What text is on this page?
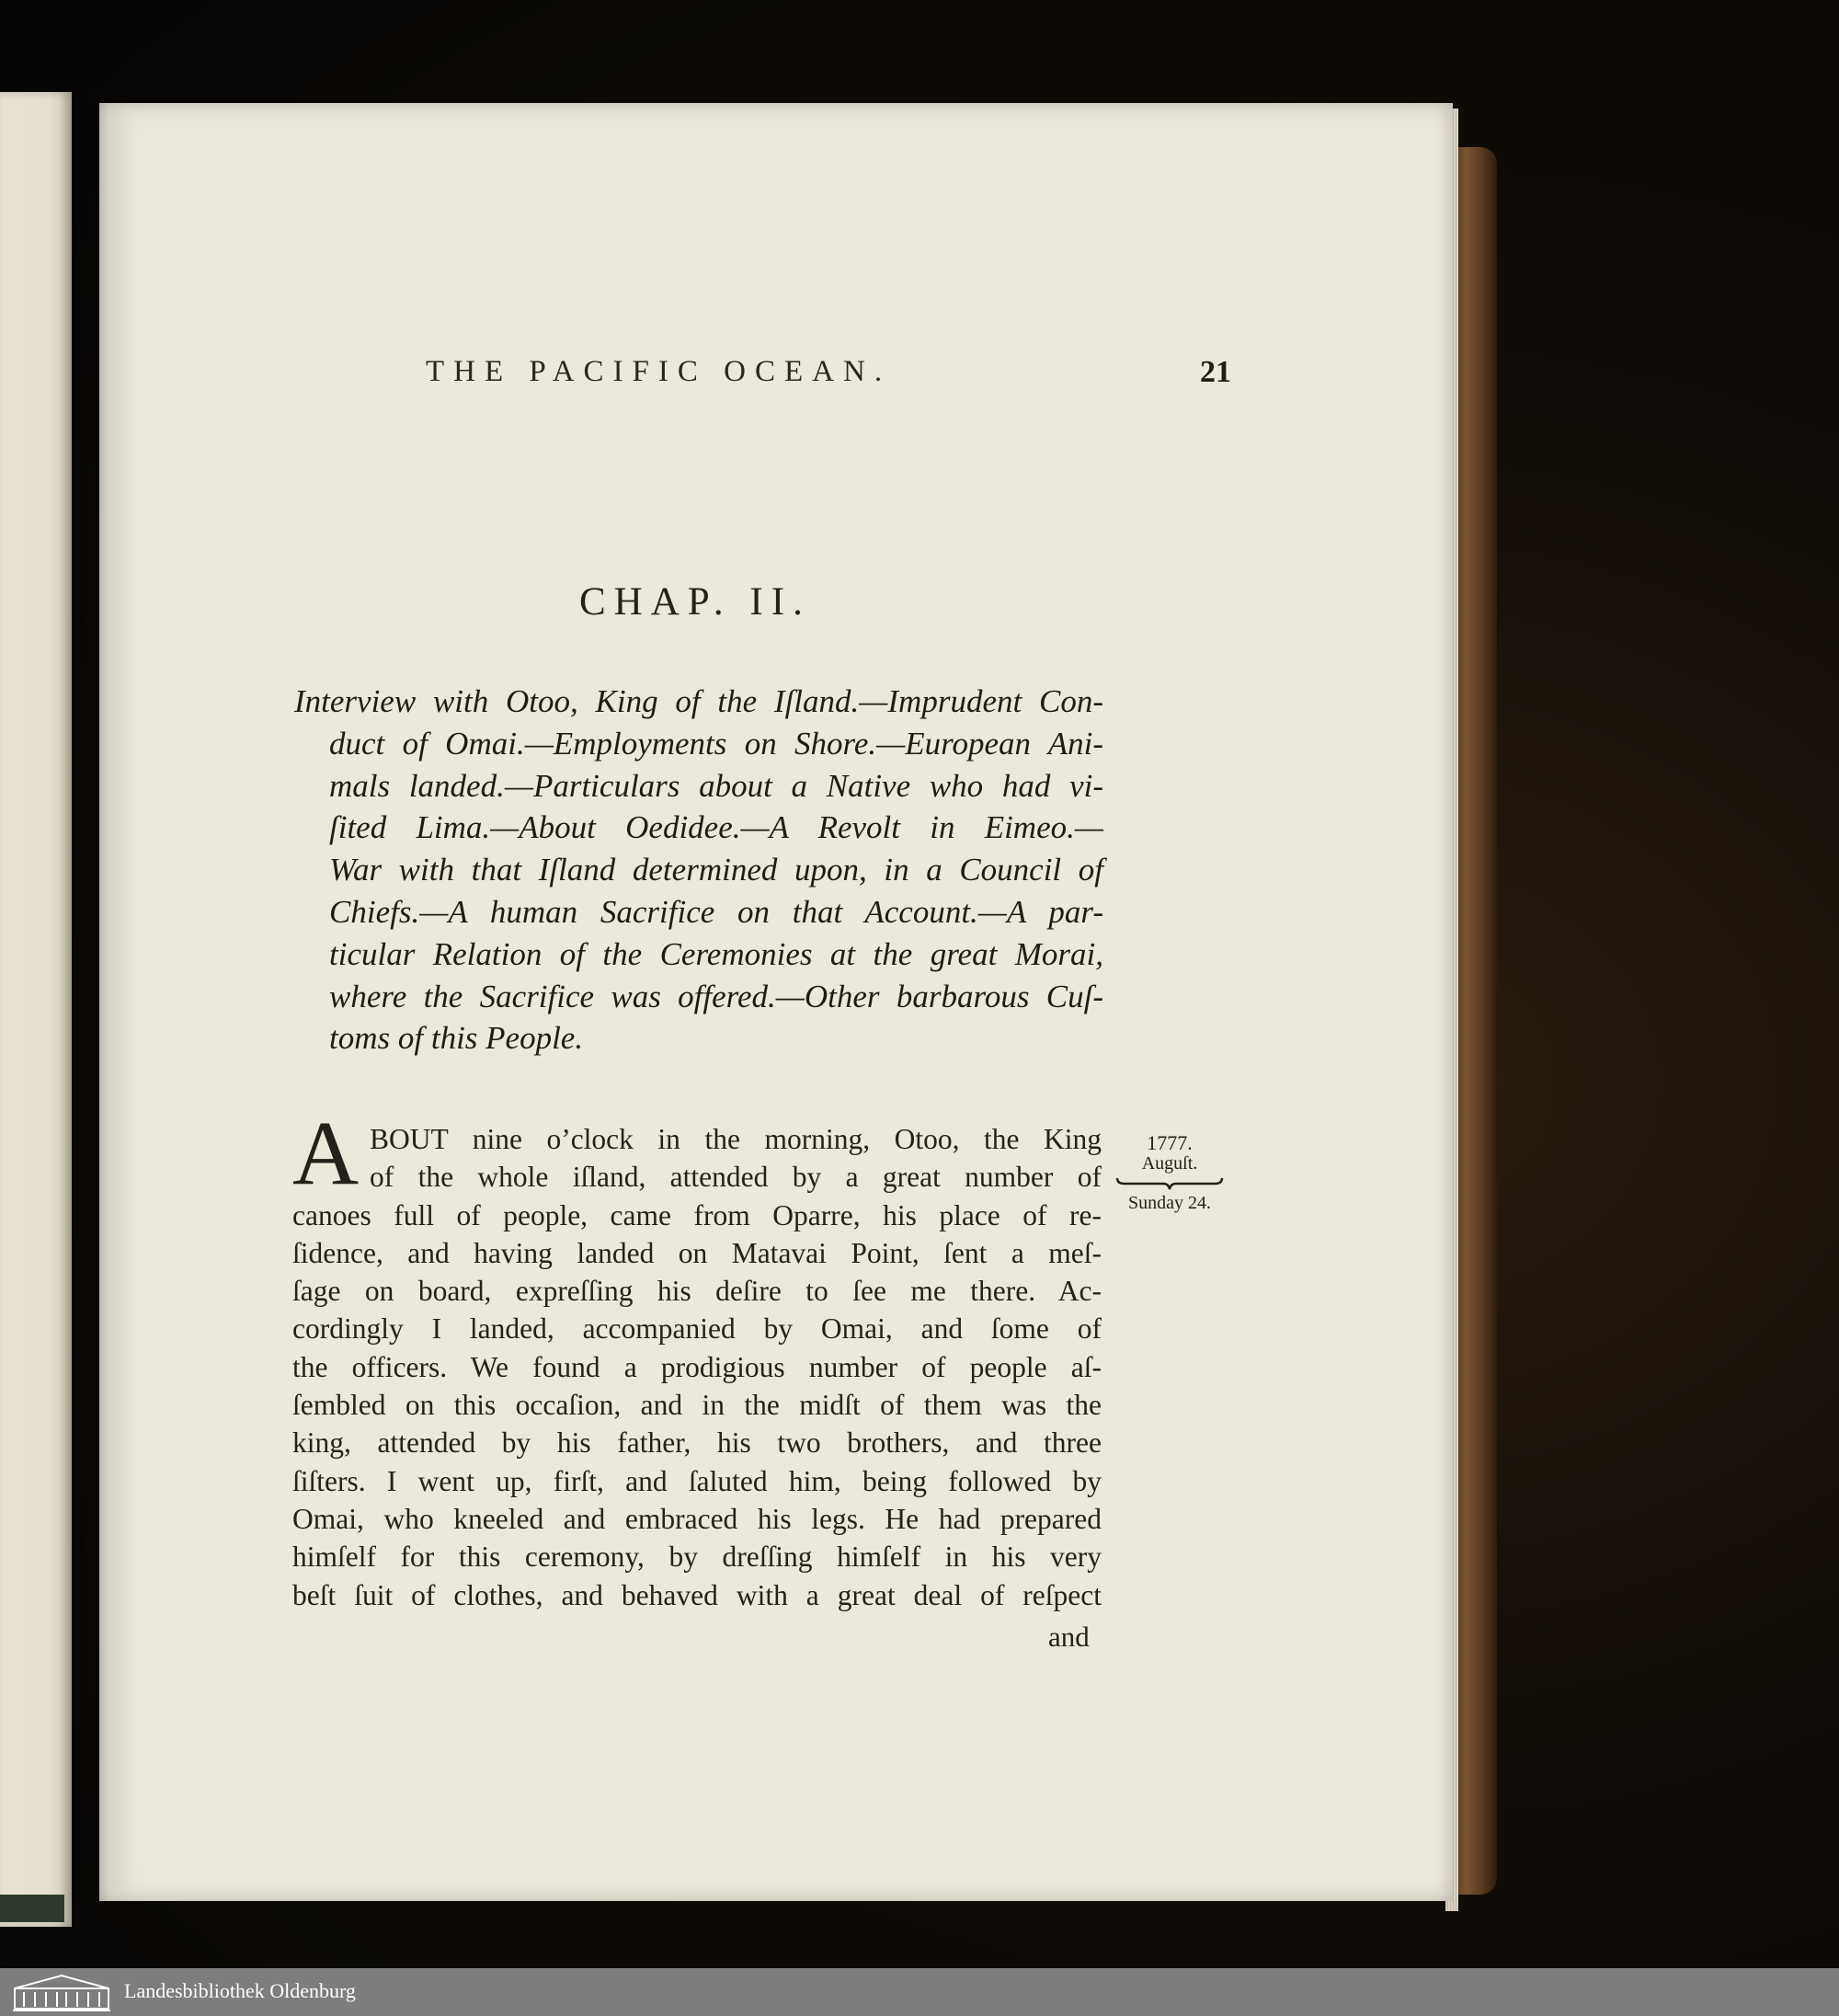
THE PACIFIC OCEAN.	21
CHAP. II.
Interview with Otoo, King of the Iſland.—Imprudent Con-
duct of Omai.—Employments on Shore.—European Ani-
mals landed.—Particulars about a Native who had vi-
ſited Lima.—About Oedidee.—A Revolt in Eimeo.—
War with that Iſland determined upon, in a Council of
Chiefs.—A human Sacrifice on that Account.—A par-
ticular Relation of the Ceremonies at the great Morai,
where the Sacrifice was offered.—Other barbarous Cuſ-
toms of this People.
A BOUT nine o’clock in the morning, Otoo, the King
of the whole iſland, attended by a great number of
canoes full of people, came from Oparre, his place of re-
ſidence, and having landed on Matavai Point, ſent a meſ-
ſage on board, expreſſing his deſire to ſee me there. Ac-
cordingly I landed, accompanied by Omai, and ſome of
the officers. We found a prodigious number of people aſ-
ſembled on this occaſion, and in the midſt of them was the
king, attended by his father, his two brothers, and three
ſiſters. I went up, firſt, and ſaluted him, being followed by
Omai, who kneeled and embraced his legs. He had prepared
himſelf for this ceremony, by dreſſing himſelf in his very
beſt ſuit of clothes, and behaved with a great deal of reſpect
and
1777.
Auguſt.
Sunday 24.
Landesbibliothek Oldenburg
